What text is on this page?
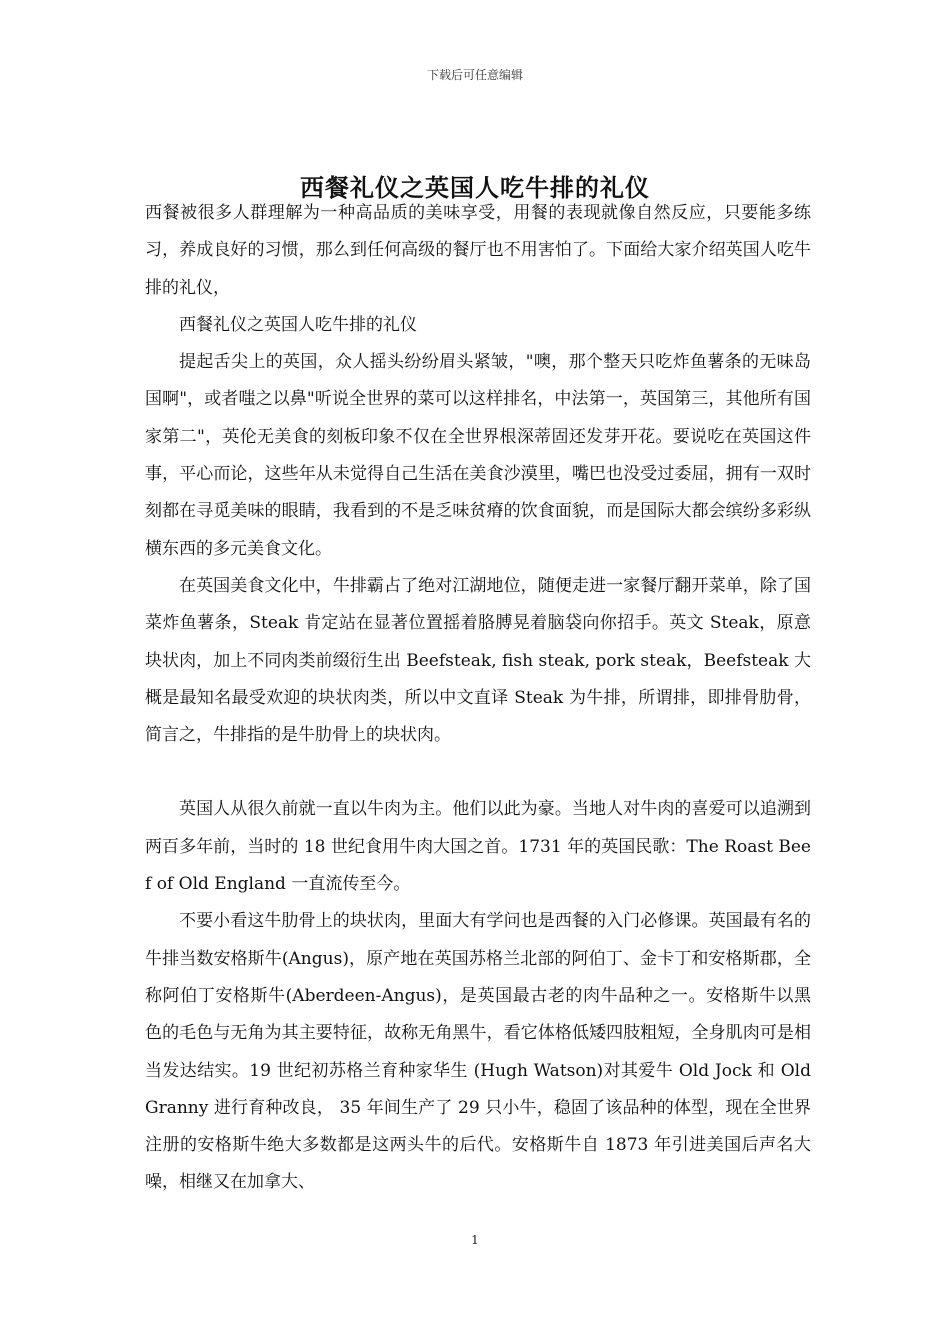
下载后可任意编辑
西餐礼仪之英国人吃牛排的礼仪

西餐被很多人群理解为一种高品质的美味享受，用餐的表现就像自然反应，只要能多练习，养成良好的习惯，那么到任何高级的餐厅也不用害怕了。下面给大家介绍英国人吃牛排的礼仪，

西餐礼仪之英国人吃牛排的礼仪

提起舌尖上的英国，众人摇头纷纷眉头紧皱，"噢，那个整天只吃炸鱼薯条的无味岛国啊"，或者嗤之以鼻"听说全世界的菜可以这样排名，中法第一，英国第三，其他所有国家第二"，英伦无美食的刻板印象不仅在全世界根深蒂固还发芽开花。要说吃在英国这件事，平心而论，这些年从未觉得自己生活在美食沙漠里，嘴巴也没受过委屈，拥有一双时刻都在寻觅美味的眼睛，我看到的不是乏味贫瘠的饮食面貌，而是国际大都会缤纷多彩纵横东西的多元美食文化。

在英国美食文化中，牛排霸占了绝对江湖地位，随便走进一家餐厅翻开菜单，除了国菜炸鱼薯条，Steak 肯定站在显著位置摇着胳膊晃着脑袋向你招手。英文 Steak，原意块状肉，加上不同肉类前缀衍生出 Beefsteak, fish steak, pork steak，Beefsteak 大概是最知名最受欢迎的块状肉类，所以中文直译 Steak 为牛排，所谓排，即排骨肋骨，简言之，牛排指的是牛肋骨上的块状肉。

英国人从很久前就一直以牛肉为主。他们以此为豪。当地人对牛肉的喜爱可以追溯到两百多年前，当时的 18 世纪食用牛肉大国之首。1731 年的英国民歌：The Roast Beef of Old England 一直流传至今。

不要小看这牛肋骨上的块状肉，里面大有学问也是西餐的入门必修课。英国最有名的牛排当数安格斯牛(Angus)，原产地在英国苏格兰北部的阿伯丁、金卡丁和安格斯郡，全称阿伯丁安格斯牛(Aberdeen-Angus)，是英国最古老的肉牛品种之一。安格斯牛以黑色的毛色与无角为其主要特征，故称无角黑牛，看它体格低矮四肢粗短，全身肌肉可是相当发达结实。19 世纪初苏格兰育种家华生 (Hugh Watson)对其爱牛 Old Jock 和 Old Granny 进行育种改良， 35 年间生产了 29 只小牛，稳固了该品种的体型，现在全世界注册的安格斯牛绝大多数都是这两头牛的后代。安格斯牛自 1873 年引进美国后声名大噪，相继又在加拿大、

1
